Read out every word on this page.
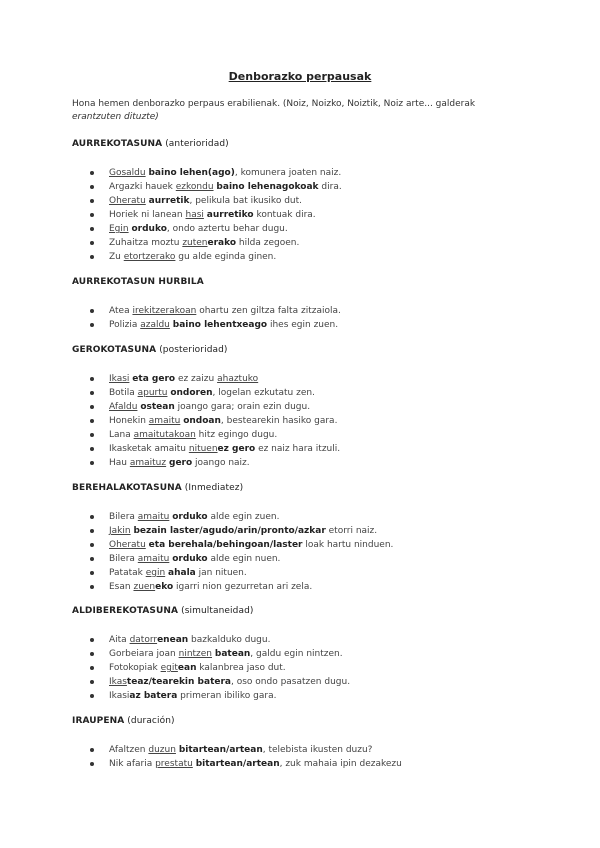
Denborazko perpausak
Hona hemen denborazko perpaus erabilienak. (Noiz, Noizko, Noiztik, Noiz arte... galderak
erantzuten dituzte)
AURREKOTASUNA (anterioridad)
Gosaldu baino lehen(ago), komunera joaten naiz.
Argazki hauek ezkondu baino lehenagokoak dira.
Oheratu aurretik, pelikula bat ikusiko dut.
Horiek ni lanean hasi aurretiko kontuak dira.
Egin orduko, ondo aztertu behar dugu.
Zuhaitza moztu zutenerako hilda zegoen.
Zu etortzerako gu alde eginda ginen.
AURREKOTASUN HURBILA
Atea irekitzerakoan ohartu zen giltza falta zitzaiola.
Polizia azaldu baino lehentxeago ihes egin zuen.
GEROKOTASUNA (posterioridad)
Ikasi eta gero ez zaizu ahaztuko
Botila apurtu ondoren, logelan ezkutatu zen.
Afaldu ostean joango gara; orain ezin dugu.
Honekin amaitu ondoan, bestearekin hasiko gara.
Lana amaitutakoan hitz egingo dugu.
Ikasketak amaitu nituenez gero ez naiz hara itzuli.
Hau amaituz gero joango naiz.
BEREHALAKOTASUNA (Inmediatez)
Bilera amaitu orduko alde egin zuen.
Jakin bezain laster/agudo/arin/pronto/azkar etorri naiz.
Oheratu eta berehala/behingoan/laster loak hartu ninduen.
Bilera amaitu orduko alde egin nuen.
Patatak egin ahala jan nituen.
Esan zueneko igarri nion gezurretan ari zela.
ALDIBEREKOTASUNA (simultaneidad)
Aita datorrenean bazkalduko dugu.
Gorbeiara joan nintzen batean, galdu egin nintzen.
Fotokopiak egitean kalanbrea jaso dut.
Ikasteaz/tearekin batera, oso ondo pasatzen dugu.
Ikasiaz batera primeran ibiliko gara.
IRAUPENA (duración)
Afaltzen duzun bitartean/artean, telebista ikusten duzu?
Nik afaria prestatu bitartean/artean, zuk mahaia ipin dezakezu
